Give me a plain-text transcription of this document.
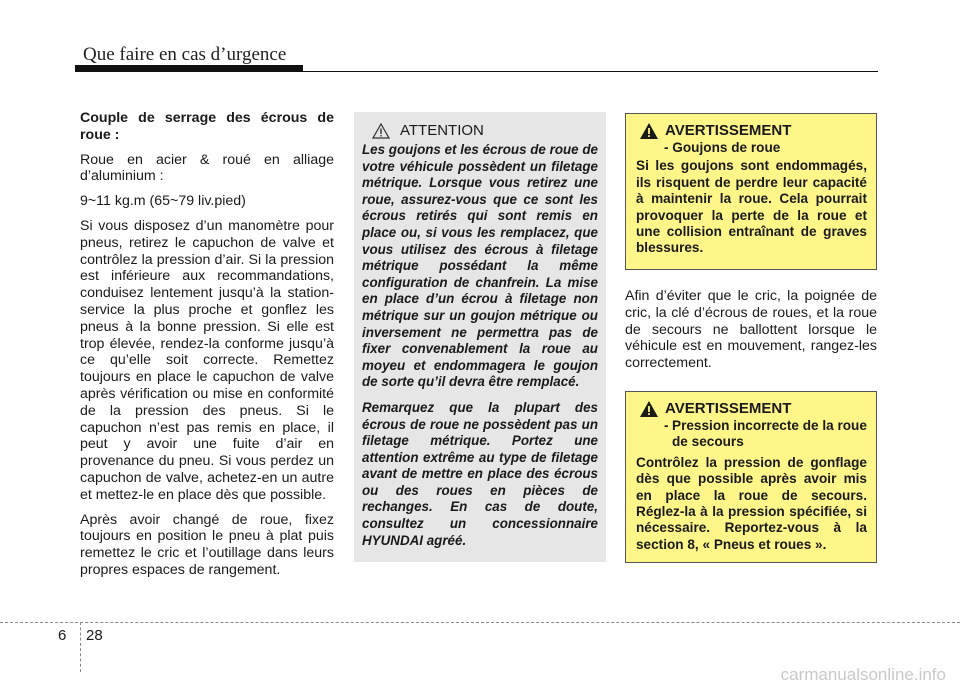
Que faire en cas d’urgence

Couple de serrage des écrous de roue :

Roue en acier & roué en alliage d’aluminium :

9~11 kg.m (65~79 liv.pied)

Si vous disposez d’un manomètre pour pneus, retirez le capuchon de valve et contrôlez la pression d’air. Si la pression est inférieure aux recommandations, conduisez lentement jusqu’à la station-service la plus proche et gonflez les pneus à la bonne pression. Si elle est trop élevée, rendez-la conforme jusqu’à ce qu’elle soit correcte. Remettez toujours en place le capuchon de valve après vérification ou mise en conformité de la pression des pneus. Si le capuchon n’est pas remis en place, il peut y avoir une fuite d’air en provenance du pneu. Si vous perdez un capuchon de valve, achetez-en un autre et mettez-le en place dès que possible.

Après avoir changé de roue, fixez toujours en position le pneu à plat puis remettez le cric et l’outillage dans leurs propres espaces de rangement.

ATTENTION

Les goujons et les écrous de roue de votre véhicule possèdent un filetage métrique. Lorsque vous retirez une roue, assurez-vous que ce sont les écrous retirés qui sont remis en place ou, si vous les remplacez, que vous utilisez des écrous à filetage métrique possédant la même configuration de chanfrein. La mise en place d’un écrou à filetage non métrique sur un goujon métrique ou inversement ne permettra pas de fixer convenablement la roue au moyeu et endommagera le goujon de sorte qu’il devra être remplacé.

Remarquez que la plupart des écrous de roue ne possèdent pas un filetage métrique. Portez une attention extrême au type de filetage avant de mettre en place des écrous ou des roues en pièces de rechanges. En cas de doute, consultez un concessionnaire HYUNDAI agréé.

AVERTISSEMENT
- Goujons de roue

Si les goujons sont endommagés, ils risquent de perdre leur capacité à maintenir la roue. Cela pourrait provoquer la perte de la roue et une collision entraînant de graves blessures.

Afin d’éviter que le cric, la poignée de cric, la clé d’écrous de roues, et la roue de secours ne ballottent lorsque le véhicule est en mouvement, rangez-les correctement.

AVERTISSEMENT
- Pression incorrecte de la roue de secours

Contrôlez la pression de gonflage dès que possible après avoir mis en place la roue de secours. Réglez-la à la pression spécifiée, si nécessaire. Reportez-vous à la section 8, « Pneus et roues ».

6 28
carmanualsonline.info
